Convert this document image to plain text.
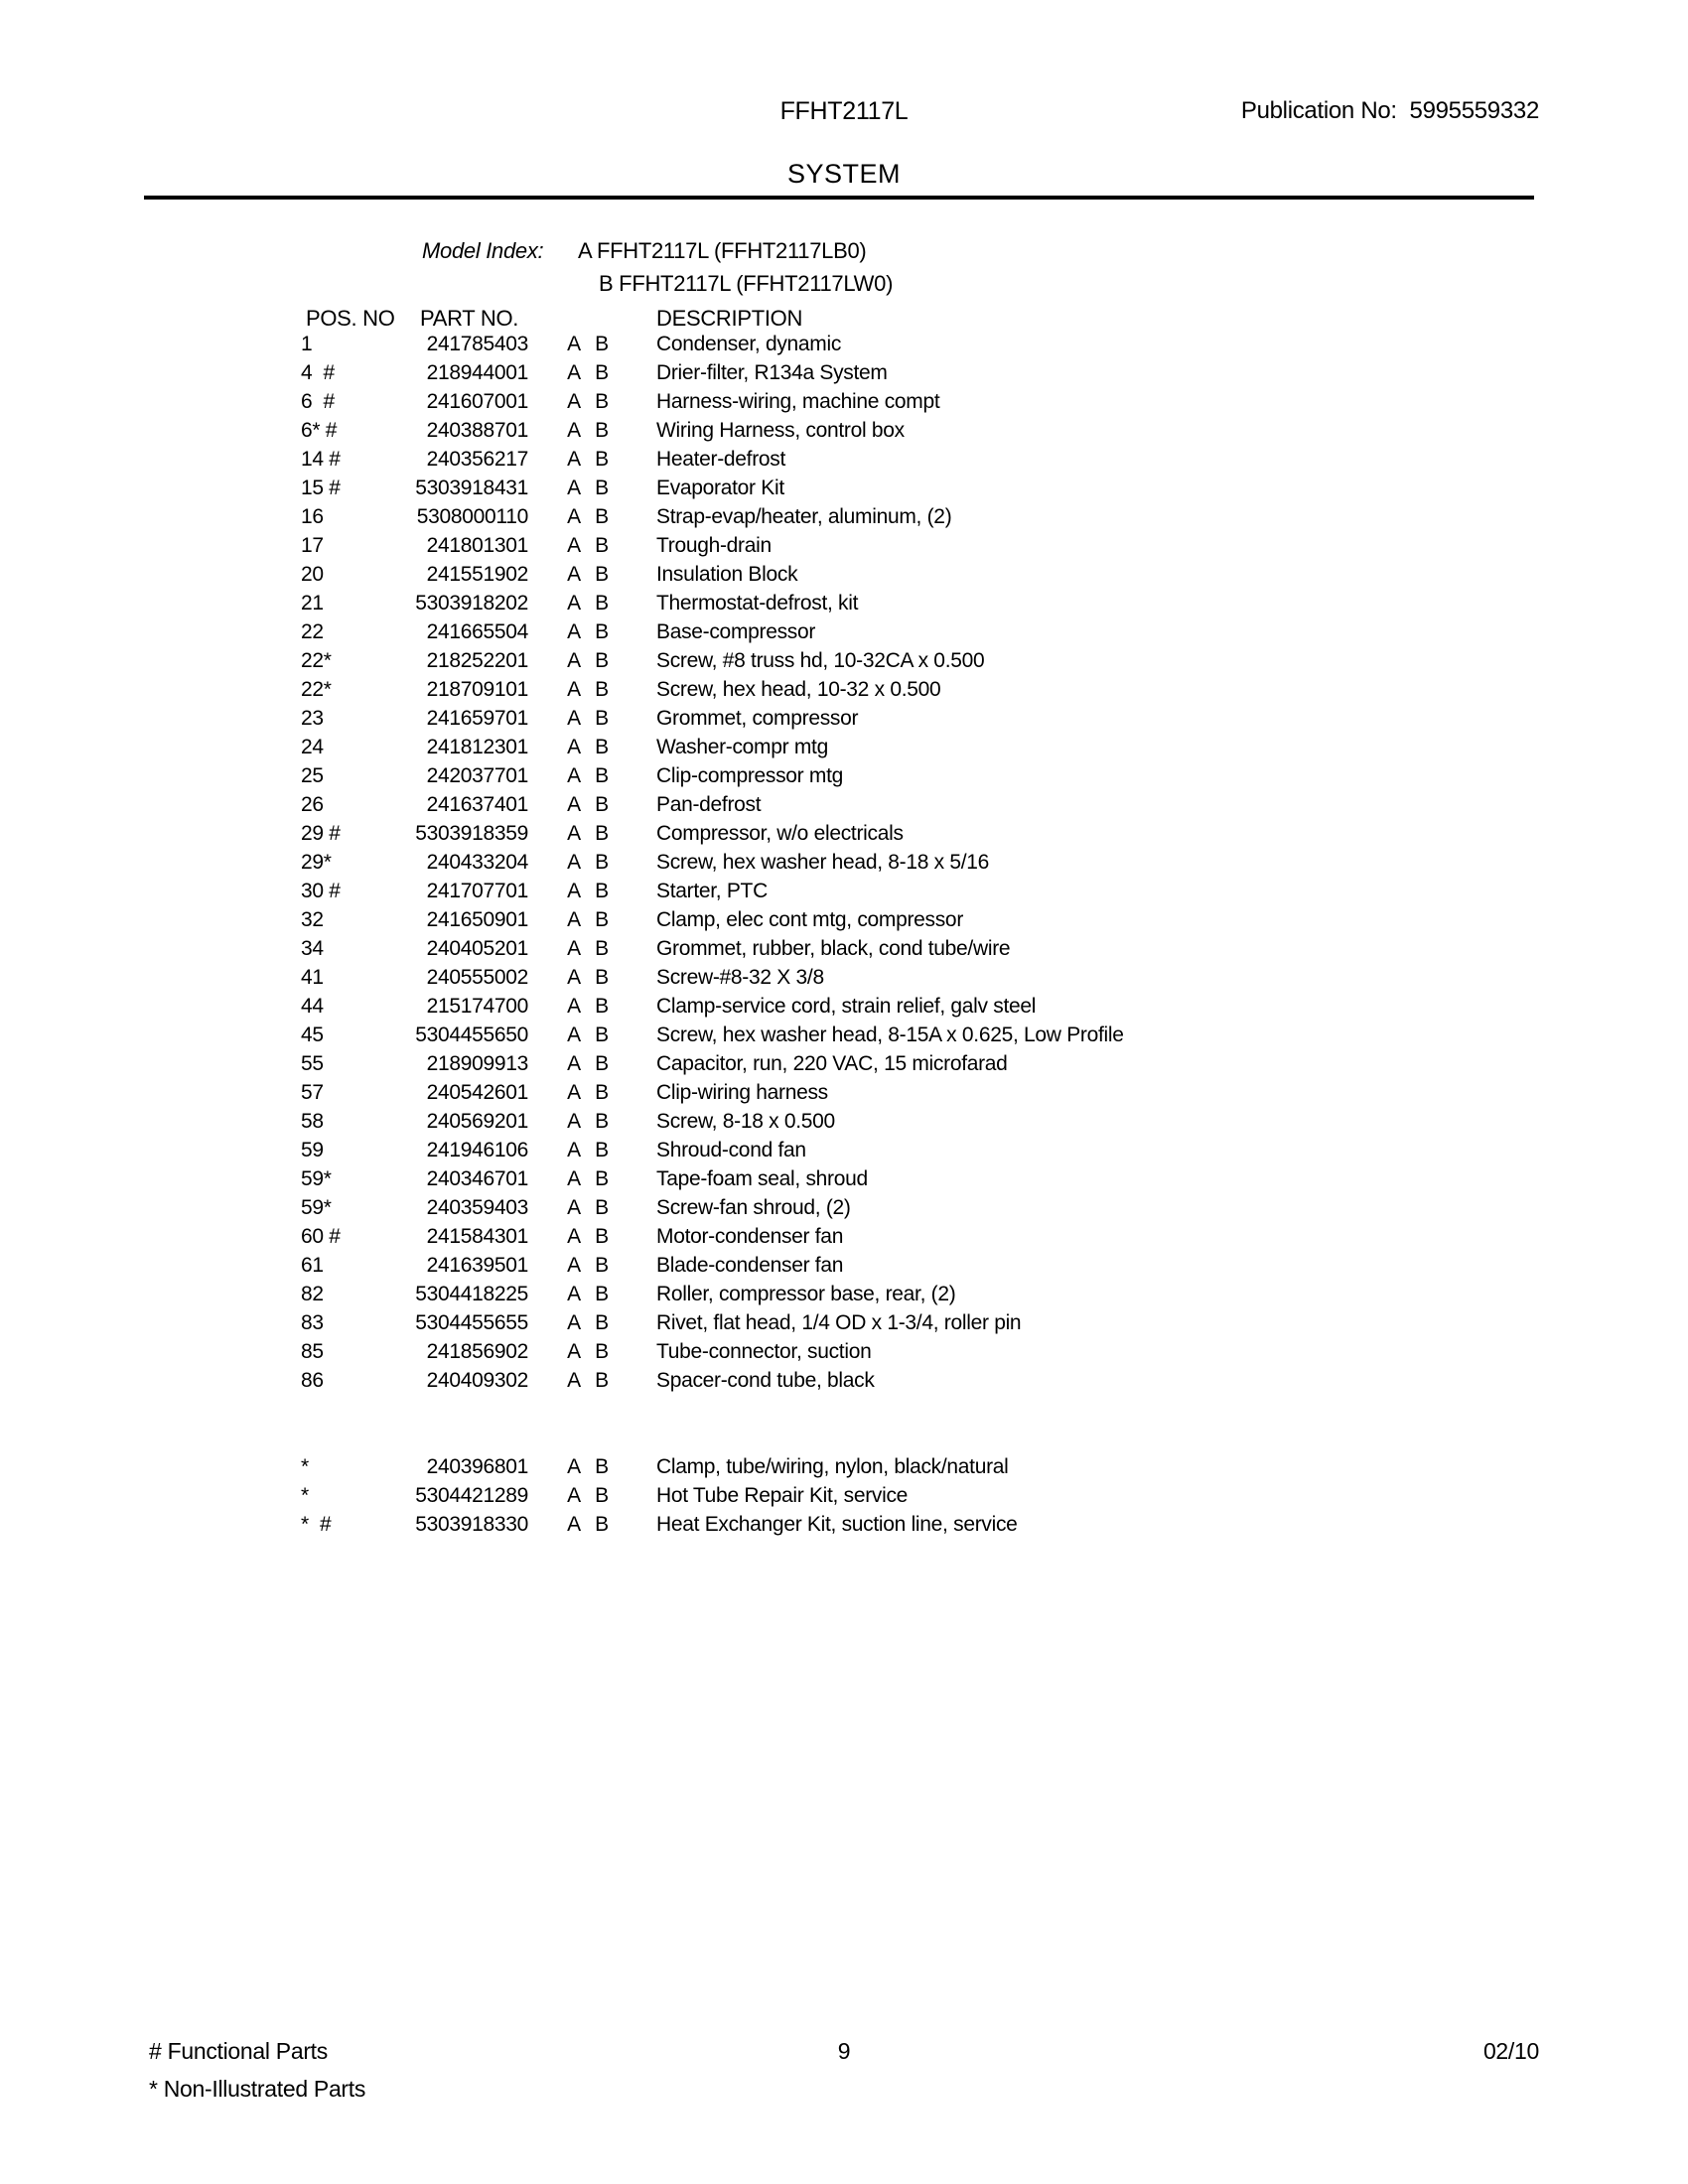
FFHT2117L	Publication No:  5995559332
SYSTEM
Model Index: A FFHT2117L (FFHT2117LB0)
B FFHT2117L (FFHT2117LW0)
POS. NO PART NO.	DESCRIPTION
1	241785403	A B	Condenser, dynamic
4  #	218944001	A B	Drier-filter, R134a System
6  #	241607001	A B	Harness-wiring, machine compt
6* #	240388701	A B	Wiring Harness, control box
14 #	240356217	A B	Heater-defrost
15 #	5303918431	A B	Evaporator Kit
16	5308000110	A B	Strap-evap/heater, aluminum, (2)
17	241801301	A B	Trough-drain
20	241551902	A B	Insulation Block
21	5303918202	A B	Thermostat-defrost, kit
22	241665504	A B	Base-compressor
22*	218252201	A B	Screw, #8 truss hd, 10-32CA x 0.500
22*	218709101	A B	Screw, hex head, 10-32 x 0.500
23	241659701	A B	Grommet, compressor
24	241812301	A B	Washer-compr mtg
25	242037701	A B	Clip-compressor mtg
26	241637401	A B	Pan-defrost
29 #	5303918359	A B	Compressor, w/o electricals
29*	240433204	A B	Screw, hex washer head, 8-18 x 5/16
30 #	241707701	A B	Starter, PTC
32	241650901	A B	Clamp, elec cont mtg, compressor
34	240405201	A B	Grommet, rubber, black, cond tube/wire
41	240555002	A B	Screw-#8-32 X 3/8
44	215174700	A B	Clamp-service cord, strain relief, galv steel
45	5304455650	A B	Screw, hex washer head, 8-15A x 0.625, Low Profile
55	218909913	A B	Capacitor, run, 220 VAC, 15 microfarad
57	240542601	A B	Clip-wiring harness
58	240569201	A B	Screw, 8-18 x 0.500
59	241946106	A B	Shroud-cond fan
59*	240346701	A B	Tape-foam seal, shroud
59*	240359403	A B	Screw-fan shroud, (2)
60 #	241584301	A B	Motor-condenser fan
61	241639501	A B	Blade-condenser fan
82	5304418225	A B	Roller, compressor base, rear, (2)
83	5304455655	A B	Rivet, flat head, 1/4 OD x 1-3/4, roller pin
85	241856902	A B	Tube-connector, suction
86	240409302	A B	Spacer-cond tube, black
*	240396801	A B	Clamp, tube/wiring, nylon, black/natural
*	5304421289	A B	Hot Tube Repair Kit, service
*  #	5303918330	A B	Heat Exchanger Kit, suction line, service
# Functional Parts
* Non-Illustrated Parts
9	02/10
